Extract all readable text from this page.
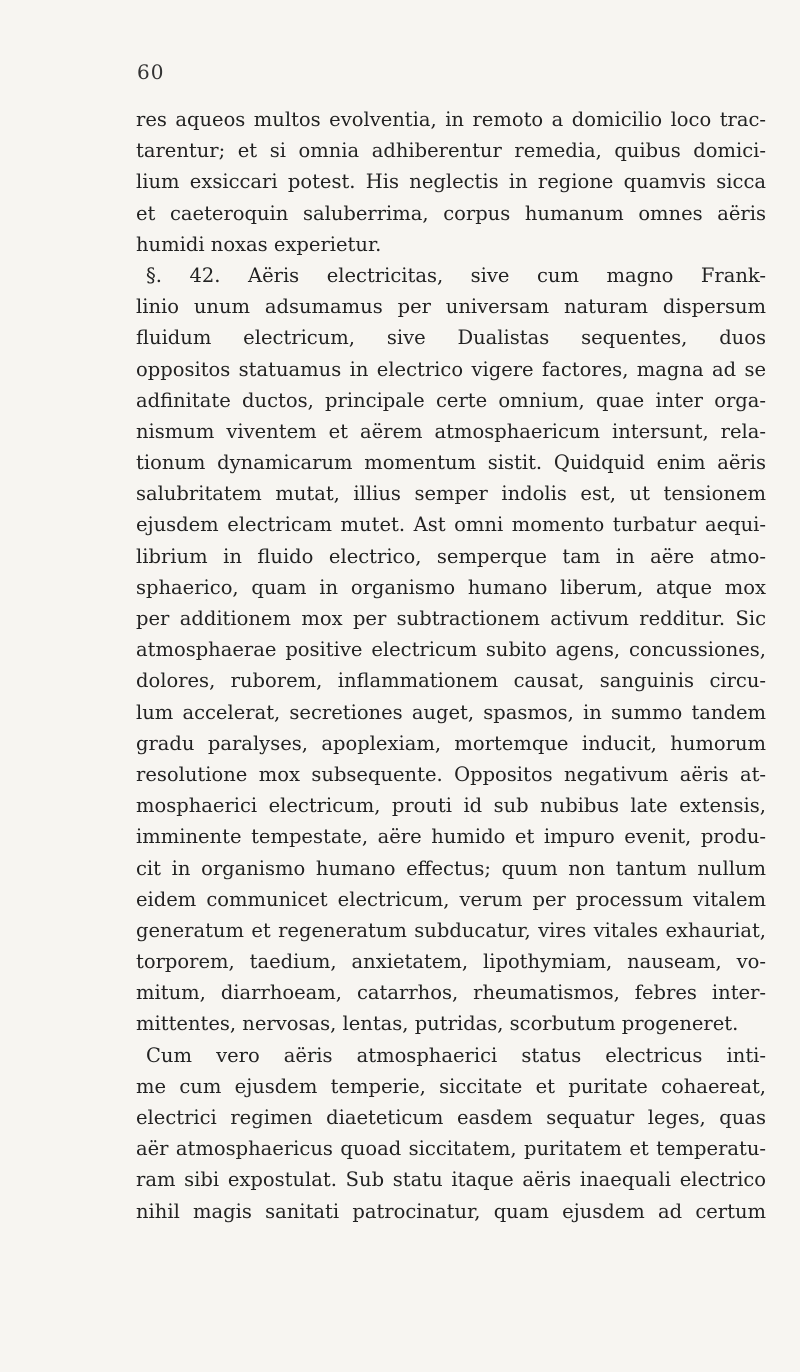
60
res aqueos multos evolventia, in remoto a domicilio loco trac-
tarentur; et si omnia adhiberentur remedia, quibus domici-
lium exsiccari potest. His neglectis in regione quamvis sicca
et caeteroquin saluberrima, corpus humanum omnes aëris
humidi noxas experietur.
§. 42. Aëris electricitas, sive cum magno Frank-
linio unum adsumamus per universam naturam dispersum
fluidum electricum, sive Dualistas sequentes, duos
oppositos statuamus in electrico vigere factores, magna ad se
adfinitate ductos, principale certe omnium, quae inter orga-
nismum viventem et aërem atmosphaericum intersunt, rela-
tionum dynamicarum momentum sistit. Quidquid enim aëris
salubritatem mutat, illius semper indolis est, ut tensionem
ejusdem electricam mutet. Ast omni momento turbatur aequi-
librium in fluido electrico, semperque tam in aëre atmo-
sphaerico, quam in organismo humano liberum, atque mox
per additionem mox per subtractionem activum redditur. Sic
atmosphaerae positive electricum subito agens, concussiones,
dolores, ruborem, inflammationem causat, sanguinis circu-
lum accelerat, secretiones auget, spasmos, in summo tandem
gradu paralyses, apoplexiam, mortemque inducit, humorum
resolutione mox subsequente. Oppositos negativum aëris at-
mosphaerici electricum, prouti id sub nubibus late extensis,
imminente tempestate, aëre humido et impuro evenit, produ-
cit in organismo humano effectus; quum non tantum nullum
eidem communicet electricum, verum per processum vitalem
generatum et regeneratum subducatur, vires vitales exhauriat,
torporem, taedium, anxietatem, lipothymiam, nauseam, vo-
mitum, diarrhoeam, catarrhos, rheumatismos, febres inter-
mittentes, nervosas, lentas, putridas, scorbutum progeneret.
Cum vero aëris atmosphaerici status electricus inti-
me cum ejusdem temperie, siccitate et puritate cohaereat,
electrici regimen diaeteticum easdem sequatur leges, quas
aër atmosphaericus quoad siccitatem, puritatem et temperatu-
ram sibi expostulat. Sub statu itaque aëris inaequali electrico
nihil magis sanitati patrocinatur, quam ejusdem ad certum
